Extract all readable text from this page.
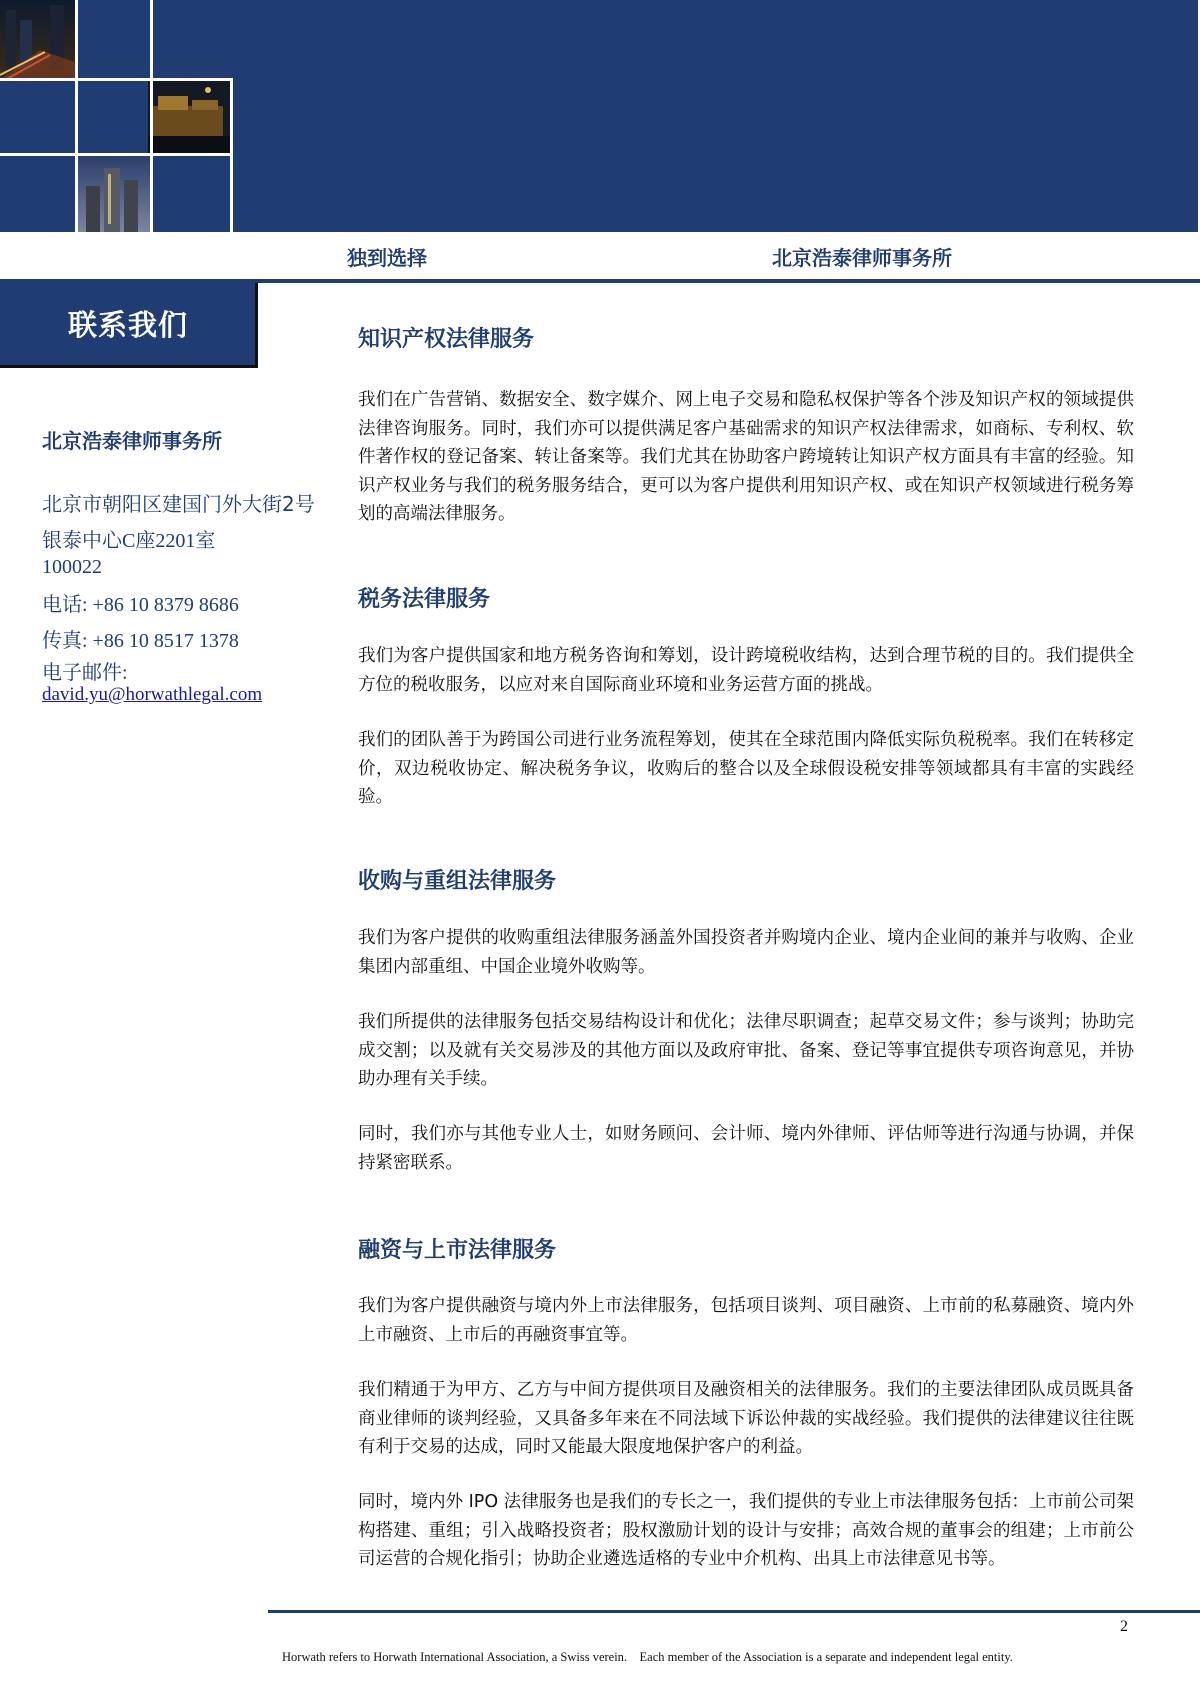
独到选择	北京浩泰律师事务所
联系我们
北京浩泰律师事务所
北京市朝阳区建国门外大街2号
银泰中心C座2201室
100022
电话: +86 10 8379 8686
传真: +86 10 8517 1378
电子邮件:
david.yu@horwathlegal.com
知识产权法律服务
我们在广告营销、数据安全、数字媒介、网上电子交易和隐私权保护等各个涉及知识产权的领域提供法律咨询服务。同时，我们亦可以提供满足客户基础需求的知识产权法律需求，如商标、专利权、软件著作权的登记备案、转让备案等。我们尤其在协助客户跨境转让知识产权方面具有丰富的经验。知识产权业务与我们的税务服务结合，更可以为客户提供利用知识产权、或在知识产权领域进行税务筹划的高端法律服务。
税务法律服务
我们为客户提供国家和地方税务咨询和筹划，设计跨境税收结构，达到合理节税的目的。我们提供全方位的税收服务，以应对来自国际商业环境和业务运营方面的挑战。
我们的团队善于为跨国公司进行业务流程筹划，使其在全球范围内降低实际负税税率。我们在转移定价，双边税收协定、解决税务争议，收购后的整合以及全球假设税安排等领域都具有丰富的实践经验。
收购与重组法律服务
我们为客户提供的收购重组法律服务涵盖外国投资者并购境内企业、境内企业间的兼并与收购、企业集团内部重组、中国企业境外收购等。
我们所提供的法律服务包括交易结构设计和优化；法律尽职调查；起草交易文件；参与谈判；协助完成交割；以及就有关交易涉及的其他方面以及政府审批、备案、登记等事宜提供专项咨询意见，并协助办理有关手续。
同时，我们亦与其他专业人士，如财务顾问、会计师、境内外律师、评估师等进行沟通与协调，并保持紧密联系。
融资与上市法律服务
我们为客户提供融资与境内外上市法律服务，包括项目谈判、项目融资、上市前的私募融资、境内外上市融资、上市后的再融资事宜等。
我们精通于为甲方、乙方与中间方提供项目及融资相关的法律服务。我们的主要法律团队成员既具备商业律师的谈判经验，又具备多年来在不同法域下诉讼仲裁的实战经验。我们提供的法律建议往往既有利于交易的达成，同时又能最大限度地保护客户的利益。
同时，境内外 IPO 法律服务也是我们的专长之一，我们提供的专业上市法律服务包括：上市前公司架构搭建、重组；引入战略投资者；股权激励计划的设计与安排；高效合规的董事会的组建；上市前公司运营的合规化指引；协助企业遴选适格的专业中介机构、出具上市法律意见书等。
2
Horwath refers to Horwath International Association, a Swiss verein.    Each member of the Association is a separate and independent legal entity.
